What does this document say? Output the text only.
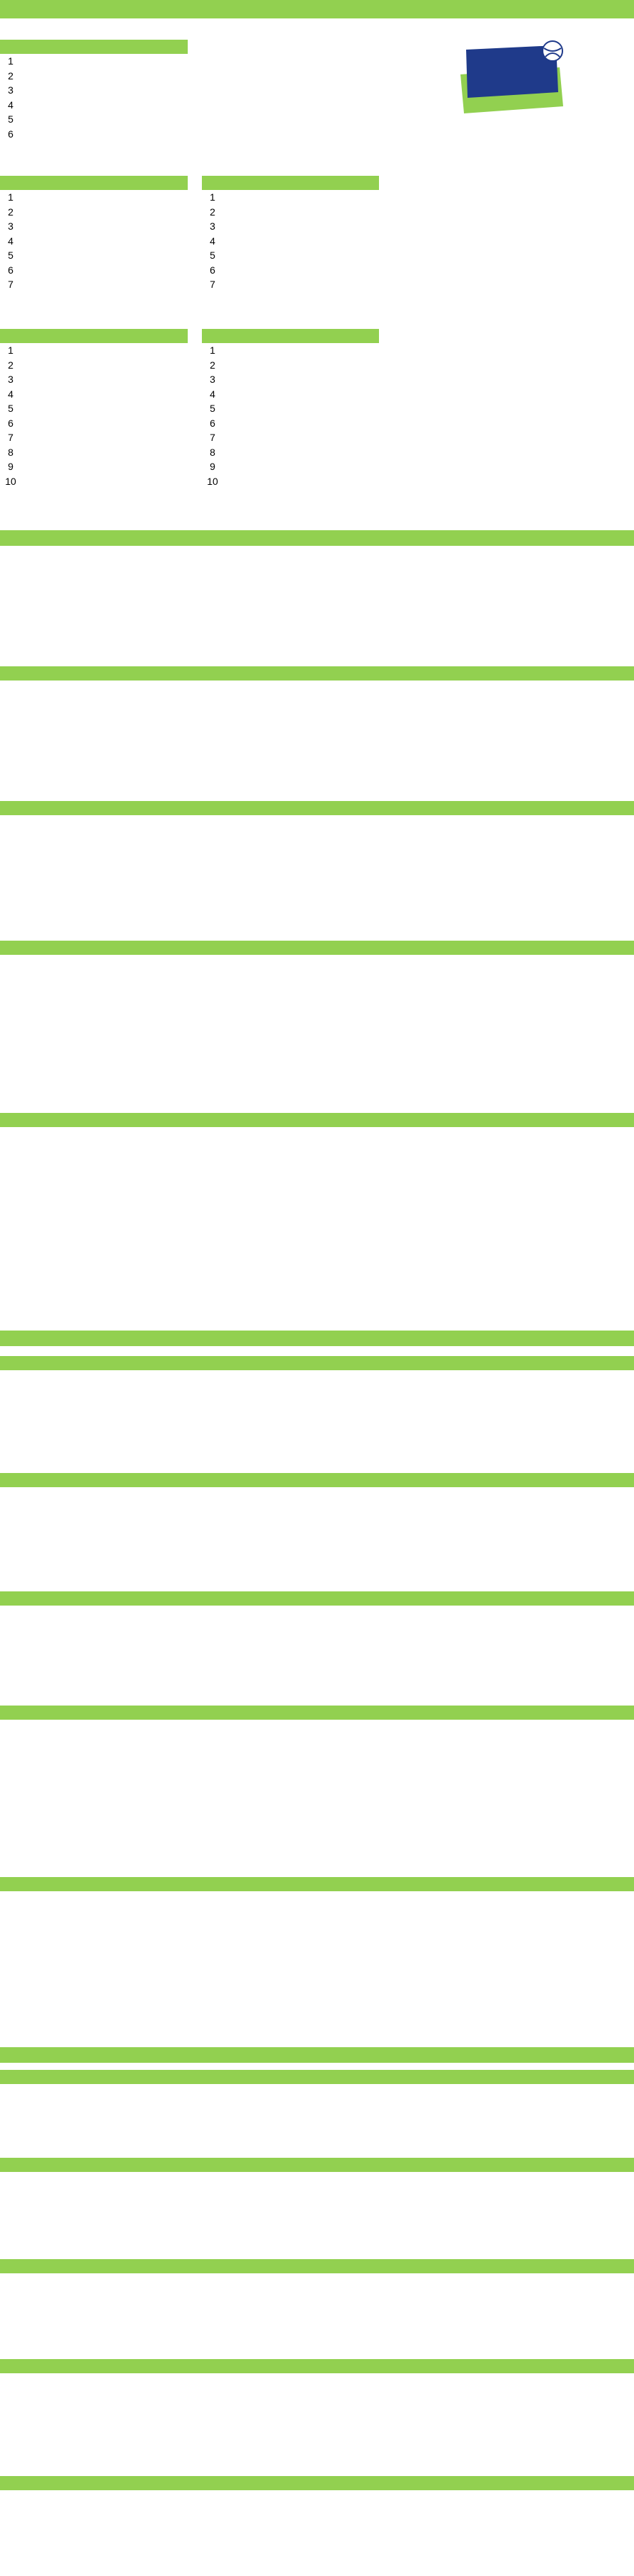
1
2
3
4
5
6
1
2
3
4
5
6
7
1
2
3
4
5
6
7
1
2
3
4
5
6
7
8
9
10
1
2
3
4
5
6
7
8
9
10
